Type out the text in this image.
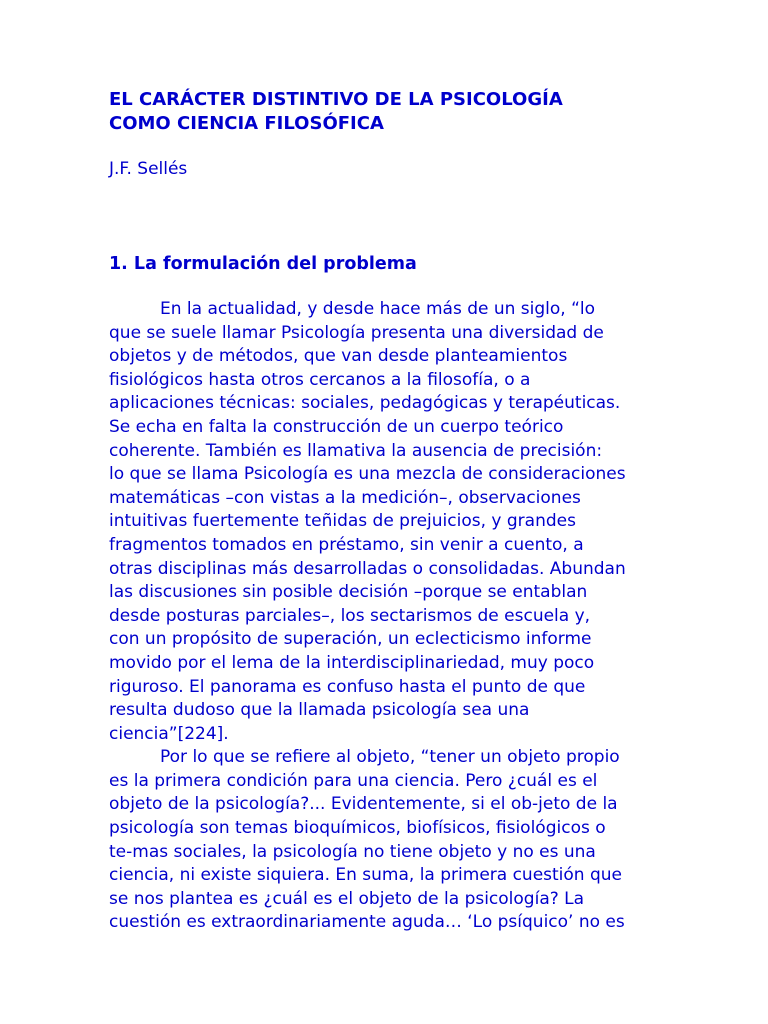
EL CARÁCTER DISTINTIVO DE LA PSICOLOGÍA
COMO CIENCIA FILOSÓFICA

J.F. Sellés

1. La formulación del problema
En la actualidad, y desde hace más de un siglo, “lo
que se suele llamar Psicología presenta una diversidad de
objetos y de métodos, que van desde planteamientos
fisiológicos hasta otros cercanos a la filosofía, o a
aplicaciones técnicas: sociales, pedagógicas y terapéuticas.
Se echa en falta la construcción de un cuerpo teórico
coherente. También es llamativa la ausencia de precisión:
lo que se llama Psicología es una mezcla de consideraciones
matemáticas –con vistas a la medición–, observaciones
intuitivas fuertemente teñidas de prejuicios, y grandes
fragmentos tomados en préstamo, sin venir a cuento, a
otras disciplinas más desarrolladas o consolidadas. Abundan
las discusiones sin posible decisión –porque se entablan
desde posturas parciales–, los sectarismos de escuela y,
con un propósito de superación, un eclecticismo informe
movido por el lema de la interdisciplinariedad, muy poco
riguroso. El panorama es confuso hasta el punto de que
resulta dudoso que la llamada psicología sea una
ciencia”[224].
Por lo que se refiere al objeto, “tener un objeto propio
es la primera condición para una ciencia. Pero ¿cuál es el
objeto de la psicología?... Evidentemente, si el ob-jeto de la
psicología son temas bioquímicos, biofísicos, fisiológicos o
te-mas sociales, la psicología no tiene objeto y no es una
ciencia, ni existe siquiera. En suma, la primera cuestión que
se nos plantea es ¿cuál es el objeto de la psicología? La
cuestión es extraordinariamente aguda… ‘Lo psíquico’ no es
